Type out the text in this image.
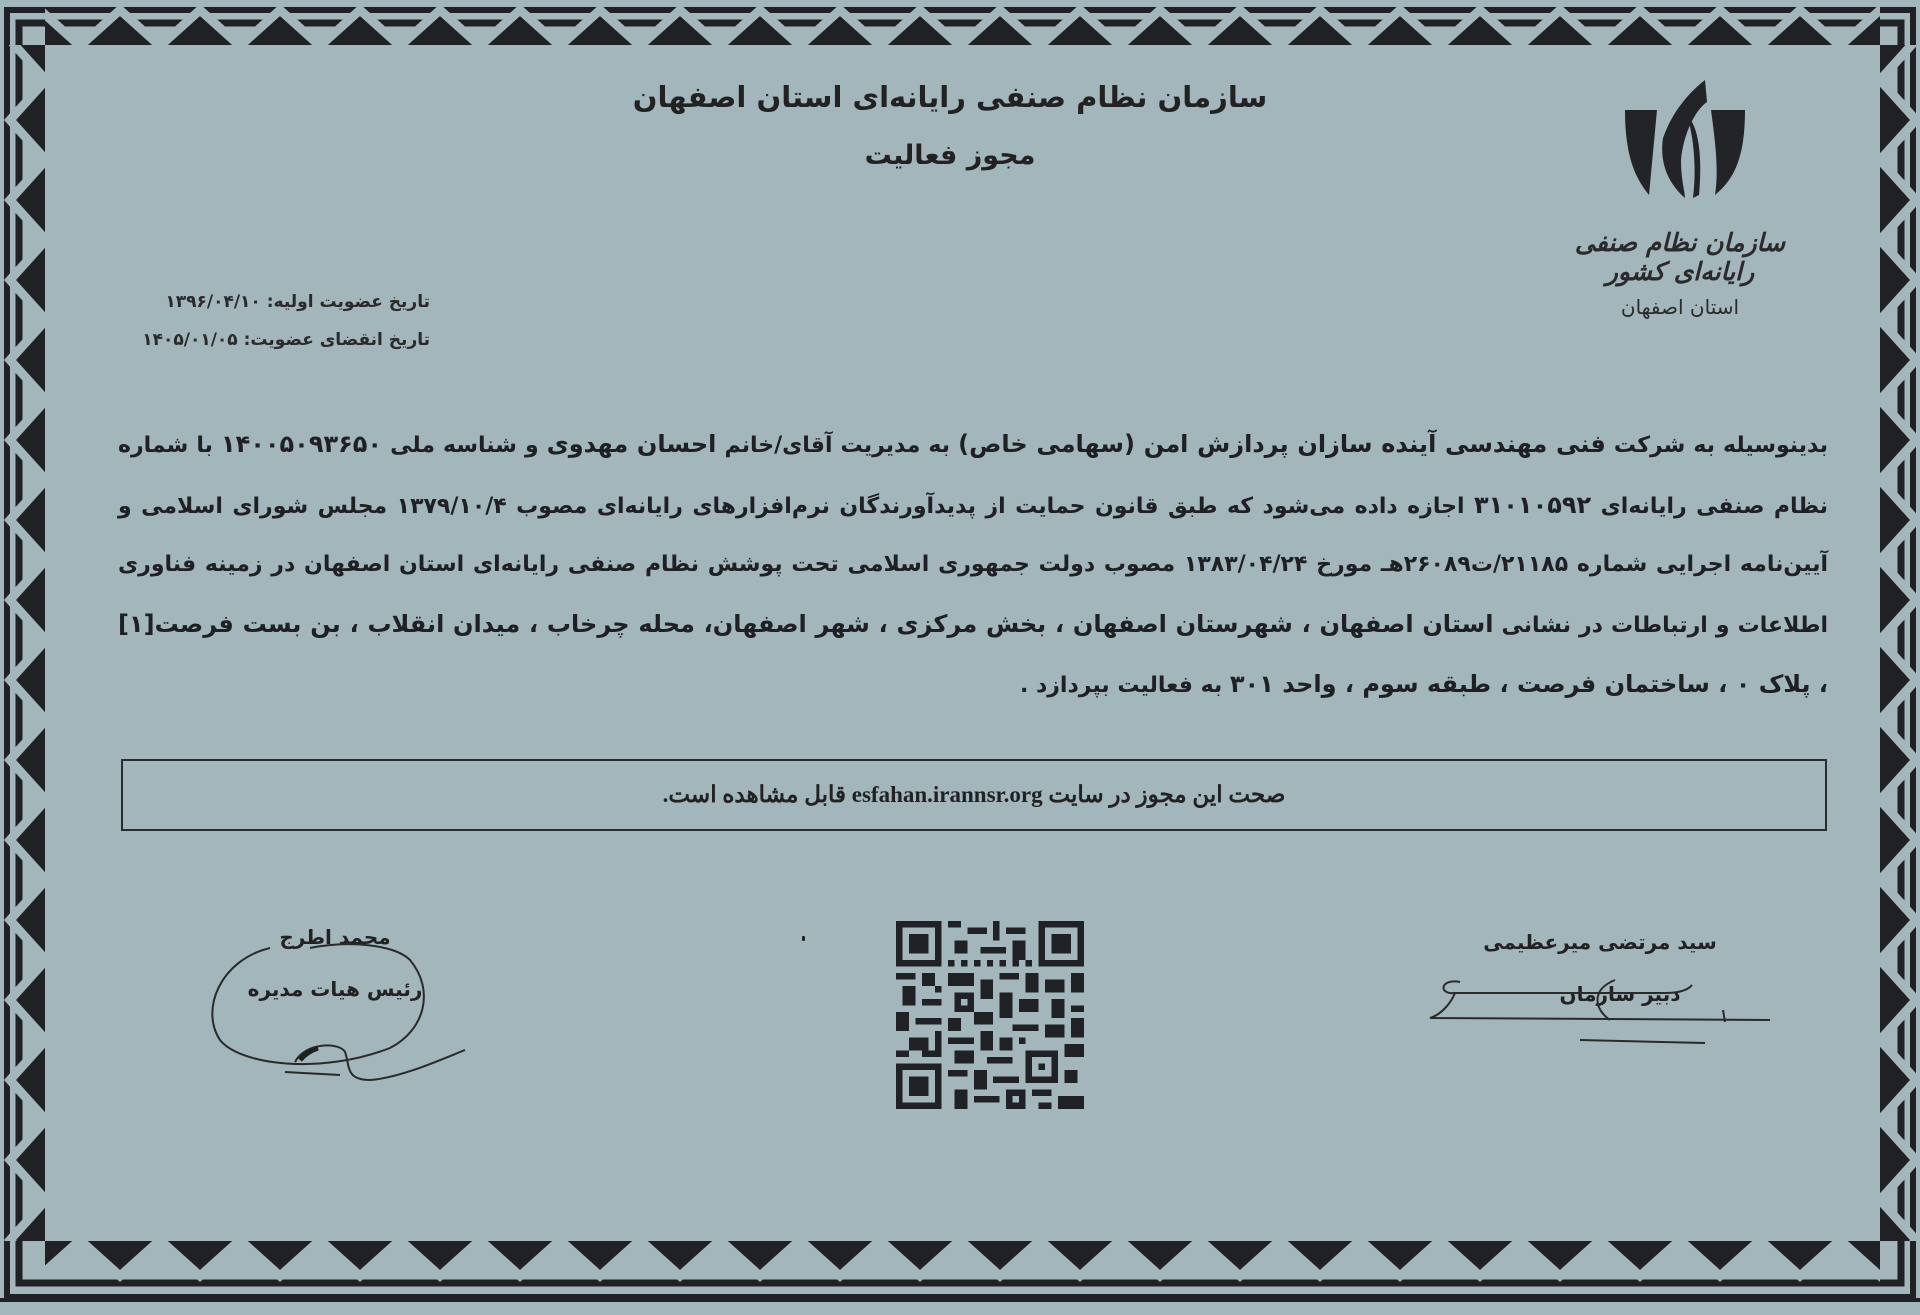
سازمان نظام صنفی رایانه‌ای استان اصفهان
مجوز فعالیت
سازمان نظام صنفی رایانه‌ای کشور
استان اصفهان
تاریخ عضویت اولیه: ۱۳۹۶/۰۴/۱۰
تاریخ انقضای عضویت: ۱۴۰۵/۰۱/۰۵
بدینوسیله به شرکت فنی مهندسی آینده سازان پردازش امن (سهامی خاص) به مدیریت آقای/خانم احسان مهدوی و شناسه ملی ۱۴۰۰۵۰۹۳۶۵۰ با شماره نظام صنفی رایانه‌ای ۳۱۰۱۰۵۹۲ اجازه داده می‌شود که طبق قانون حمایت از پدیدآورندگان نرم‌افزارهای رایانه‌ای مصوب ۱۳۷۹/۱۰/۴ مجلس شورای اسلامی و آیین‌نامه اجرایی شماره ۲۱۱۸۵/ت۲۶۰۸۹هـ مورخ ۱۳۸۳/۰۴/۲۴ مصوب دولت جمهوری اسلامی تحت پوشش نظام صنفی رایانه‌ای استان اصفهان در زمینه فناوری اطلاعات و ارتباطات در نشانی استان اصفهان ، شهرستان اصفهان ، بخش مرکزی ، شهر اصفهان، محله چرخاب ، میدان انقلاب ، بن بست فرصت[۱] ، پلاک ۰ ، ساختمان فرصت ، طبقه سوم ، واحد ۳۰۱ به فعالیت بپردازد .
صحت این مجوز در سایت esfahan.irannsr.org قابل مشاهده است.
محمد اطرج
رئیس هیات مدیره
سید مرتضی میرعظیمی
دبیر سازمان
